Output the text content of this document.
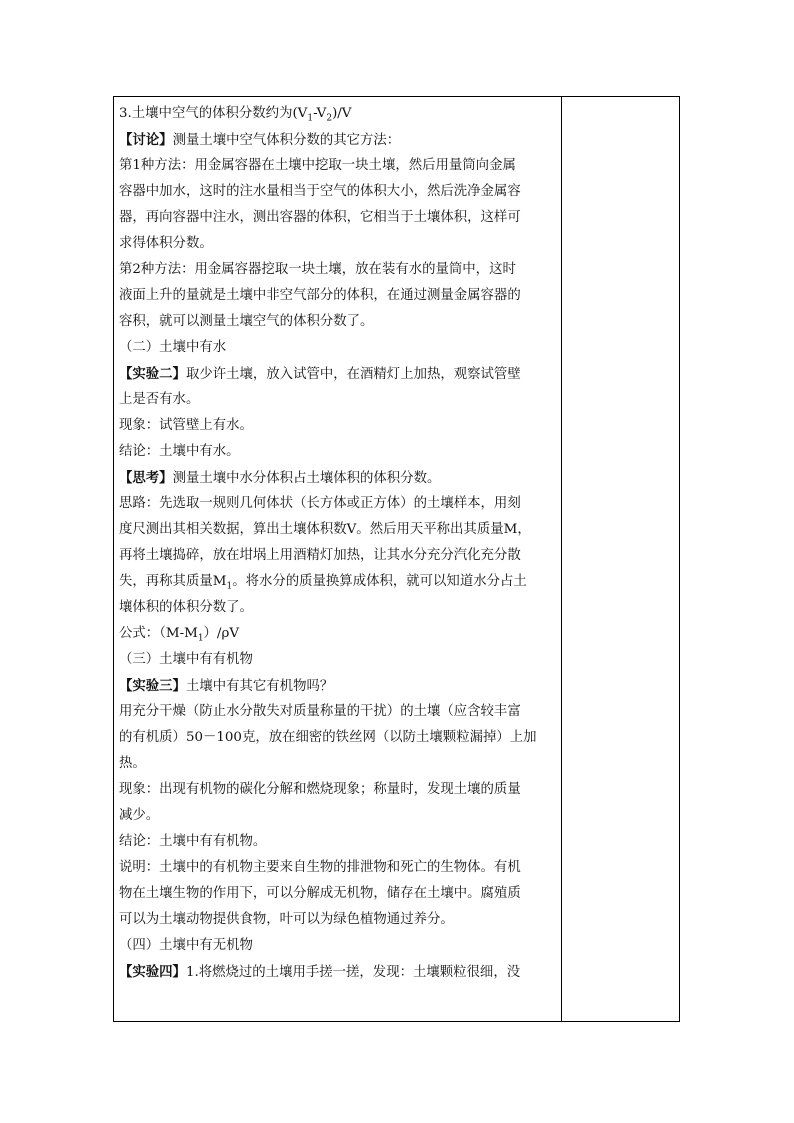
3.土壤中空气的体积分数约为$(V_1-V_2)/V$
【讨论】测量土壤中空气体积分数的其它方法：
第1种方法：用金属容器在土壤中挖取一块土壤，然后用量筒向金属
容器中加水，这时的注水量相当于空气的体积大小，然后洗净金属容
器，再向容器中注水，测出容器的体积，它相当于土壤体积，这样可
求得体积分数。
第2种方法：用金属容器挖取一块土壤，放在装有水的量筒中，这时
液面上升的量就是土壤中非空气部分的体积，在通过测量金属容器的
容积，就可以测量土壤空气的体积分数了。
（二）土壤中有水
【实验二】取少许土壤，放入试管中，在酒精灯上加热，观察试管壁
上是否有水。
现象：试管壁上有水。
结论：土壤中有水。
【思考】测量土壤中水分体积占土壤体积的体积分数。
思路：先选取一规则几何体状（长方体或正方体）的土壤样本，用刻
度尺测出其相关数据，算出土壤体积数V。然后用天平称出其质量M，
再将土壤捣碎，放在坩埚上用酒精灯加热，让其水分充分汽化充分散
失，再称其质量$M_1$。将水分的质量换算成体积，就可以知道水分占土
壤体积的体积分数了。
公式：$(M-M_1)/\rho V$
（三）土壤中有有机物
【实验三】土壤中有其它有机物吗？
用充分干燥（防止水分散失对质量称量的干扰）的土壤（应含较丰富
的有机质）50－100克，放在细密的铁丝网（以防土壤颗粒漏掉）上加
热。
现象：出现有机物的碳化分解和燃烧现象；称量时，发现土壤的质量
减少。
结论：土壤中有有机物。
说明：土壤中的有机物主要来自生物的排泄物和死亡的生物体。有机
物在土壤生物的作用下，可以分解成无机物，储存在土壤中。腐殖质
可以为土壤动物提供食物，叶可以为绿色植物通过养分。
（四）土壤中有无机物
【实验四】1.将燃烧过的土壤用手搓一搓，发现：土壤颗粒很细，没
